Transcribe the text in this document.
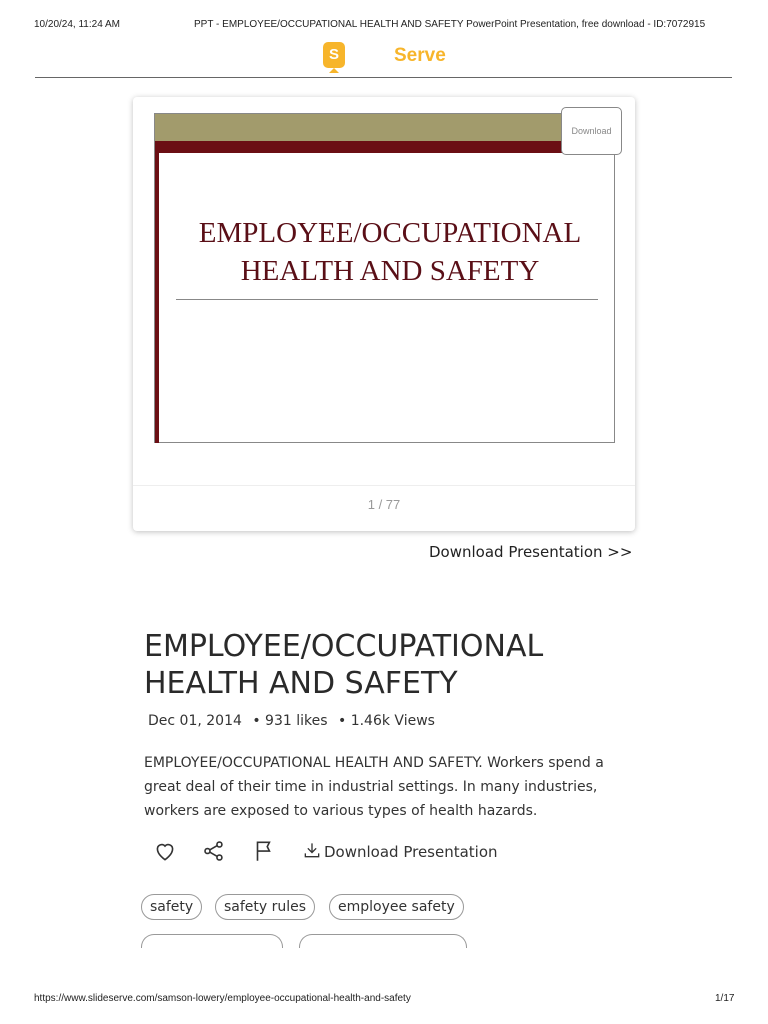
10/20/24, 11:24 AM	PPT - EMPLOYEE/OCCUPATIONAL HEALTH AND SAFETY PowerPoint Presentation, free download - ID:7072915
S	Serve
EMPLOYEE/OCCUPATIONAL
HEALTH AND SAFETY
Download
1 / 77
Download Presentation >>
EMPLOYEE/OCCUPATIONAL HEALTH AND SAFETY
Dec 01, 2014 • 931 likes • 1.46k Views
EMPLOYEE/OCCUPATIONAL HEALTH AND SAFETY. Workers spend a great deal of their time in industrial settings. In many industries, workers are exposed to various types of health hazards.
Download Presentation
safety	safety rules	employee safety
https://www.slideserve.com/samson-lowery/employee-occupational-health-and-safety	1/17
